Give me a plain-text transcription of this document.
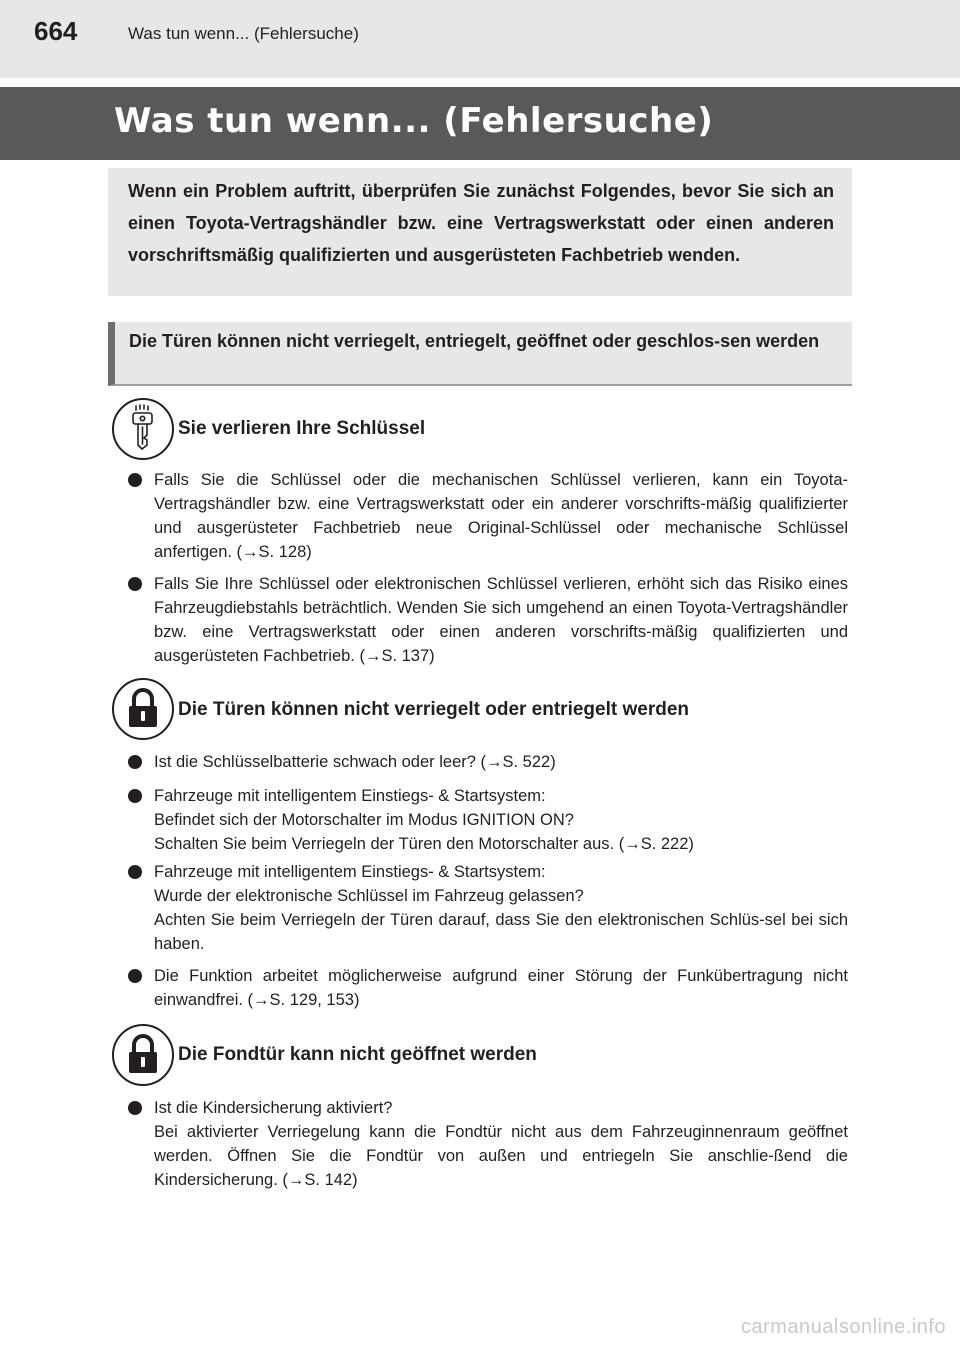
664	Was tun wenn... (Fehlersuche)
Was tun wenn... (Fehlersuche)

Wenn ein Problem auftritt, überprüfen Sie zunächst Folgendes, bevor Sie sich an einen Toyota-Vertragshändler bzw. eine Vertragswerkstatt oder einen anderen vorschriftsmäßig qualifizierten und ausgerüsteten Fachbetrieb wenden.

Die Türen können nicht verriegelt, entriegelt, geöffnet oder geschlos-sen werden

Sie verlieren Ihre Schlüssel

Falls Sie die Schlüssel oder die mechanischen Schlüssel verlieren, kann ein Toyota-Vertragshändler bzw. eine Vertragswerkstatt oder ein anderer vorschrifts-mäßig qualifizierter und ausgerüsteter Fachbetrieb neue Original-Schlüssel oder mechanische Schlüssel anfertigen. (→S. 128)

Falls Sie Ihre Schlüssel oder elektronischen Schlüssel verlieren, erhöht sich das Risiko eines Fahrzeugdiebstahls beträchtlich. Wenden Sie sich umgehend an einen Toyota-Vertragshändler bzw. eine Vertragswerkstatt oder einen anderen vorschrifts-mäßig qualifizierten und ausgerüsteten Fachbetrieb. (→S. 137)

Die Türen können nicht verriegelt oder entriegelt werden

Ist die Schlüsselbatterie schwach oder leer? (→S. 522)

Fahrzeuge mit intelligentem Einstiegs- & Startsystem:

Befindet sich der Motorschalter im Modus IGNITION ON?

Schalten Sie beim Verriegeln der Türen den Motorschalter aus. (→S. 222)

Fahrzeuge mit intelligentem Einstiegs- & Startsystem:

Wurde der elektronische Schlüssel im Fahrzeug gelassen?

Achten Sie beim Verriegeln der Türen darauf, dass Sie den elektronischen Schlüs-sel bei sich haben.

Die Funktion arbeitet möglicherweise aufgrund einer Störung der Funkübertragung nicht einwandfrei. (→S. 129, 153)

Die Fondtür kann nicht geöffnet werden

Ist die Kindersicherung aktiviert?

Bei aktivierter Verriegelung kann die Fondtür nicht aus dem Fahrzeuginnenraum geöffnet werden. Öffnen Sie die Fondtür von außen und entriegeln Sie anschlie-ßend die Kindersicherung. (→S. 142)

carmanualsonline.info
